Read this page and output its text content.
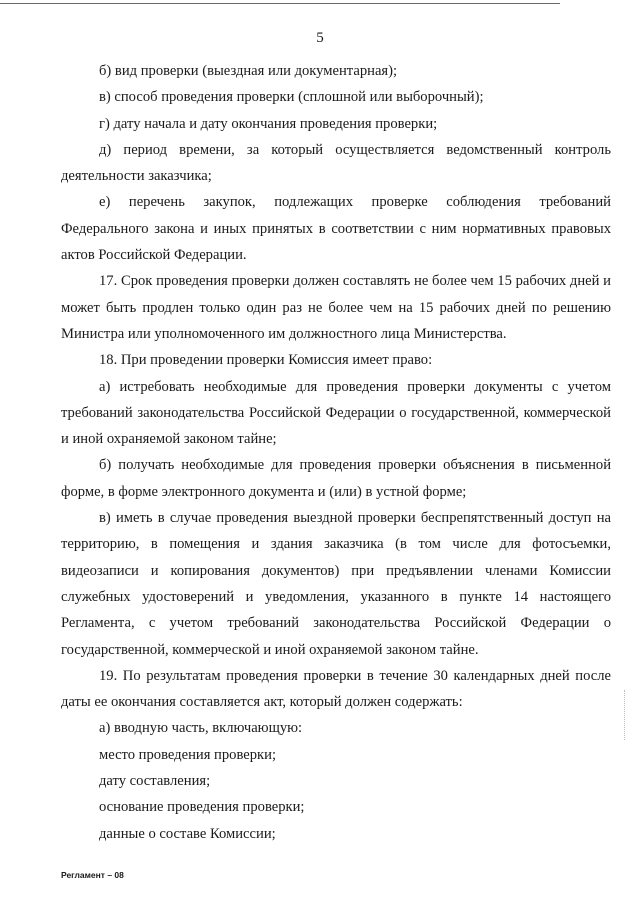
5

б) вид проверки (выездная или документарная);

в) способ проведения проверки (сплошной или выборочный);

г) дату начала и дату окончания проведения проверки;

д) период времени, за который осуществляется ведомственный контроль деятельности заказчика;

е) перечень закупок, подлежащих проверке соблюдения требований Федерального закона и иных принятых в соответствии с ним нормативных правовых актов Российской Федерации.

17. Срок проведения проверки должен составлять не более чем 15 рабочих дней и может быть продлен только один раз не более чем на 15 рабочих дней по решению Министра или уполномоченного им должностного лица Министерства.

18. При проведении проверки Комиссия имеет право:

а) истребовать необходимые для проведения проверки документы с учетом требований законодательства Российской Федерации о государственной, коммерческой и иной охраняемой законом тайне;

б) получать необходимые для проведения проверки объяснения в письменной форме, в форме электронного документа и (или) в устной форме;

в) иметь в случае проведения выездной проверки беспрепятственный доступ на территорию, в помещения и здания заказчика (в том числе для фотосъемки, видеозаписи и копирования документов) при предъявлении членами Комиссии служебных удостоверений и уведомления, указанного в пункте 14 настоящего Регламента, с учетом требований законодательства Российской Федерации о государственной, коммерческой и иной охраняемой законом тайне.

19. По результатам проведения проверки в течение 30 календарных дней после даты ее окончания составляется акт, который должен содержать:

а) вводную часть, включающую:

место проведения проверки;

дату составления;

основание проведения проверки;

данные о составе Комиссии;

Регламент – 08
